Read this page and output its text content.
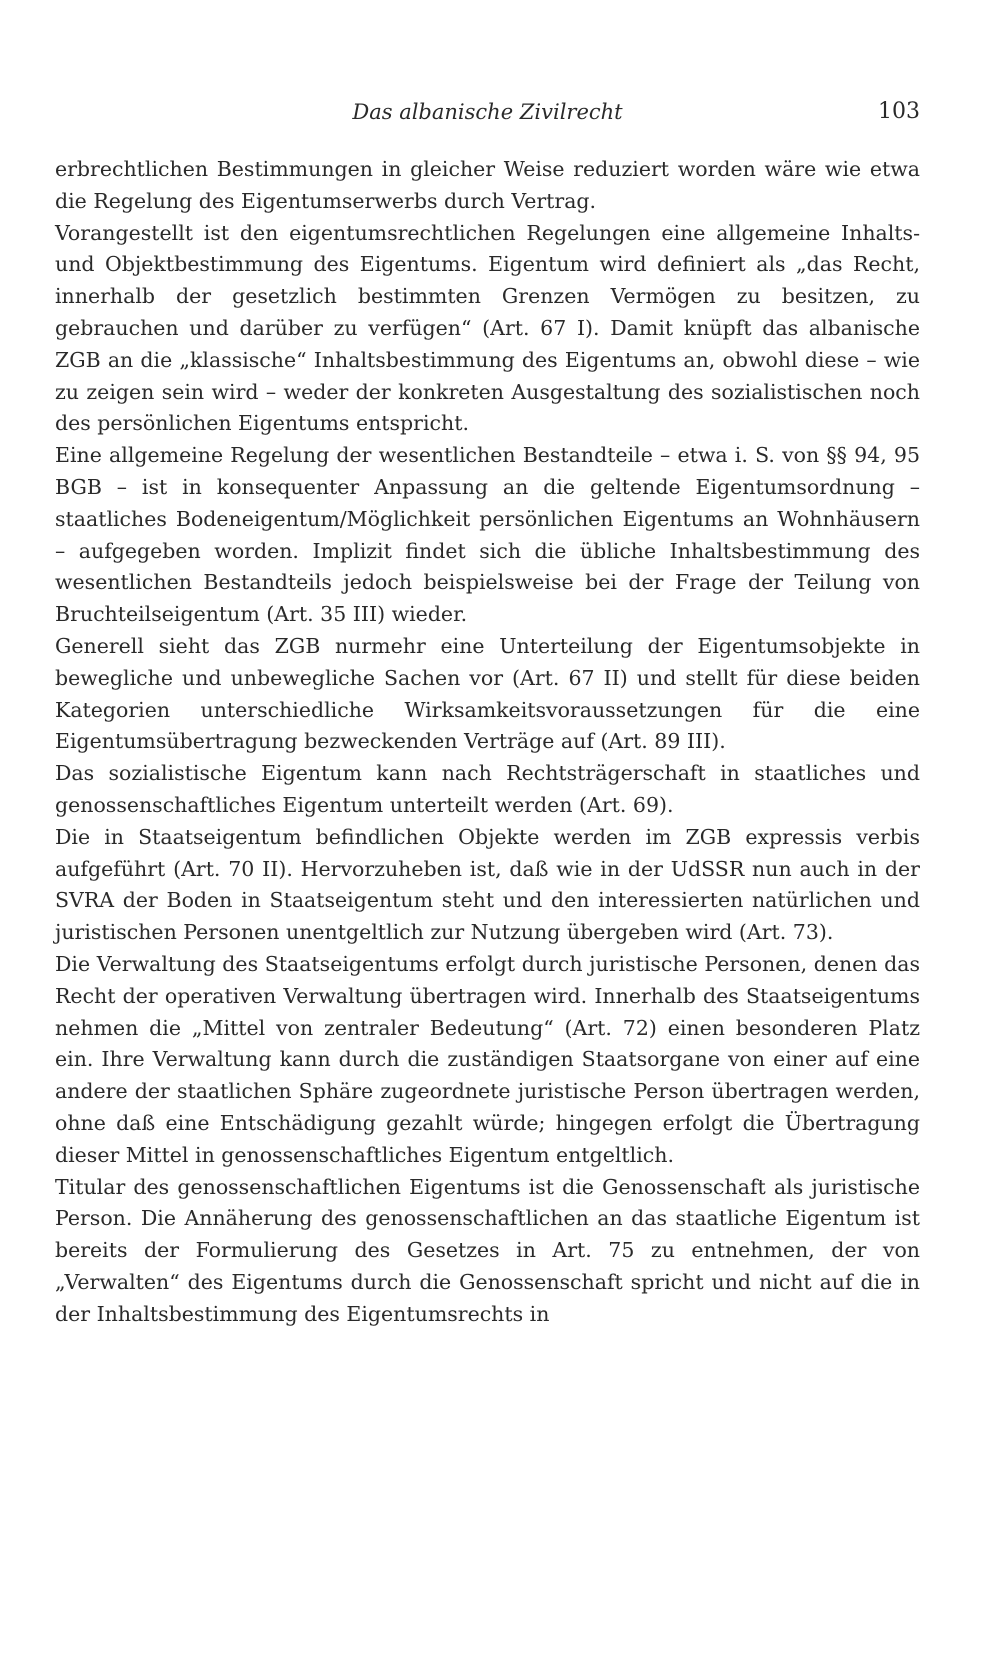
Das albanische Zivilrecht	103

erbrechtlichen Bestimmungen in gleicher Weise reduziert worden wäre wie etwa die Regelung des Eigentumserwerbs durch Vertrag.

Vorangestellt ist den eigentumsrechtlichen Regelungen eine allgemeine Inhalts- und Objektbestimmung des Eigentums. Eigentum wird definiert als „das Recht, innerhalb der gesetzlich bestimmten Grenzen Vermögen zu besitzen, zu gebrauchen und darüber zu verfügen“ (Art. 67 I). Damit knüpft das albanische ZGB an die „klassische“ Inhaltsbestimmung des Eigentums an, obwohl diese – wie zu zeigen sein wird – weder der konkreten Ausgestaltung des sozialistischen noch des persönlichen Eigentums entspricht.

Eine allgemeine Regelung der wesentlichen Bestandteile – etwa i. S. von §§ 94, 95 BGB – ist in konsequenter Anpassung an die geltende Eigentumsordnung – staatliches Bodeneigentum/Möglichkeit persönlichen Eigentums an Wohnhäusern – aufgegeben worden. Implizit findet sich die übliche Inhaltsbestimmung des wesentlichen Bestandteils jedoch beispielsweise bei der Frage der Teilung von Bruchteilseigentum (Art. 35 III) wieder.

Generell sieht das ZGB nurmehr eine Unterteilung der Eigentumsobjekte in bewegliche und unbewegliche Sachen vor (Art. 67 II) und stellt für diese beiden Kategorien unterschiedliche Wirksamkeitsvoraussetzungen für die eine Eigentumsübertragung bezweckenden Verträge auf (Art. 89 III).

Das sozialistische Eigentum kann nach Rechtsträgerschaft in staatliches und genossenschaftliches Eigentum unterteilt werden (Art. 69).

Die in Staatseigentum befindlichen Objekte werden im ZGB expressis verbis aufgeführt (Art. 70 II). Hervorzuheben ist, daß wie in der UdSSR nun auch in der SVRA der Boden in Staatseigentum steht und den interessierten natürlichen und juristischen Personen unentgeltlich zur Nutzung übergeben wird (Art. 73).

Die Verwaltung des Staatseigentums erfolgt durch juristische Personen, denen das Recht der operativen Verwaltung übertragen wird. Innerhalb des Staatseigentums nehmen die „Mittel von zentraler Bedeutung“ (Art. 72) einen besonderen Platz ein. Ihre Verwaltung kann durch die zuständigen Staatsorgane von einer auf eine andere der staatlichen Sphäre zugeordnete juristische Person übertragen werden, ohne daß eine Entschädigung gezahlt würde; hingegen erfolgt die Übertragung dieser Mittel in genossenschaftliches Eigentum entgeltlich.

Titular des genossenschaftlichen Eigentums ist die Genossenschaft als juristische Person. Die Annäherung des genossenschaftlichen an das staatliche Eigentum ist bereits der Formulierung des Gesetzes in Art. 75 zu entnehmen, der von „Verwalten“ des Eigentums durch die Genossenschaft spricht und nicht auf die in der Inhaltsbestimmung des Eigentumsrechts in
